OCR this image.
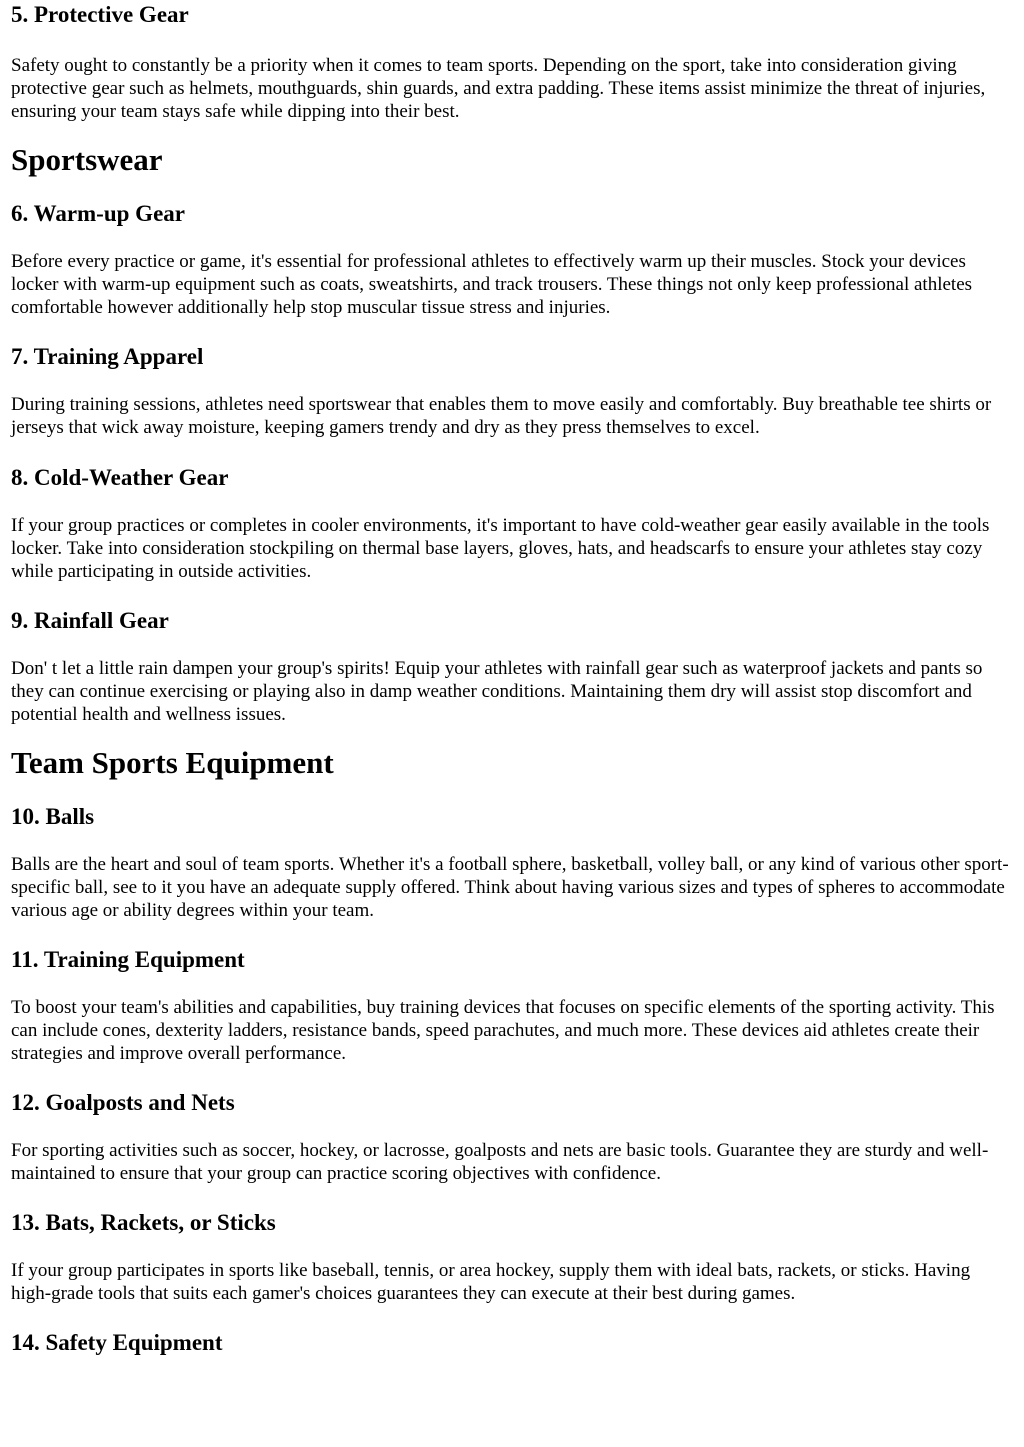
5. Protective Gear

Safety ought to constantly be a priority when it comes to team sports. Depending on the sport, take into consideration giving protective gear such as helmets, mouthguards, shin guards, and extra padding. These items assist minimize the threat of injuries, ensuring your team stays safe while dipping into their best.

Sportswear
6. Warm-up Gear

Before every practice or game, it's essential for professional athletes to effectively warm up their muscles. Stock your devices locker with warm-up equipment such as coats, sweatshirts, and track trousers. These things not only keep professional athletes comfortable however additionally help stop muscular tissue stress and injuries.

7. Training Apparel

During training sessions, athletes need sportswear that enables them to move easily and comfortably. Buy breathable tee shirts or jerseys that wick away moisture, keeping gamers trendy and dry as they press themselves to excel.

8. Cold-Weather Gear

If your group practices or completes in cooler environments, it's important to have cold-weather gear easily available in the tools locker. Take into consideration stockpiling on thermal base layers, gloves, hats, and headscarfs to ensure your athletes stay cozy while participating in outside activities.

9. Rainfall Gear

Don' t let a little rain dampen your group's spirits! Equip your athletes with rainfall gear such as waterproof jackets and pants so they can continue exercising or playing also in damp weather conditions. Maintaining them dry will assist stop discomfort and potential health and wellness issues.

Team Sports Equipment
10. Balls

Balls are the heart and soul of team sports. Whether it's a football sphere, basketball, volley ball, or any kind of various other sport-specific ball, see to it you have an adequate supply offered. Think about having various sizes and types of spheres to accommodate various age or ability degrees within your team.

11. Training Equipment

To boost your team's abilities and capabilities, buy training devices that focuses on specific elements of the sporting activity. This can include cones, dexterity ladders, resistance bands, speed parachutes, and much more. These devices aid athletes create their strategies and improve overall performance.

12. Goalposts and Nets

For sporting activities such as soccer, hockey, or lacrosse, goalposts and nets are basic tools. Guarantee they are sturdy and well-maintained to ensure that your group can practice scoring objectives with confidence.

13. Bats, Rackets, or Sticks

If your group participates in sports like baseball, tennis, or area hockey, supply them with ideal bats, rackets, or sticks. Having high-grade tools that suits each gamer's choices guarantees they can execute at their best during games.

14. Safety Equipment
